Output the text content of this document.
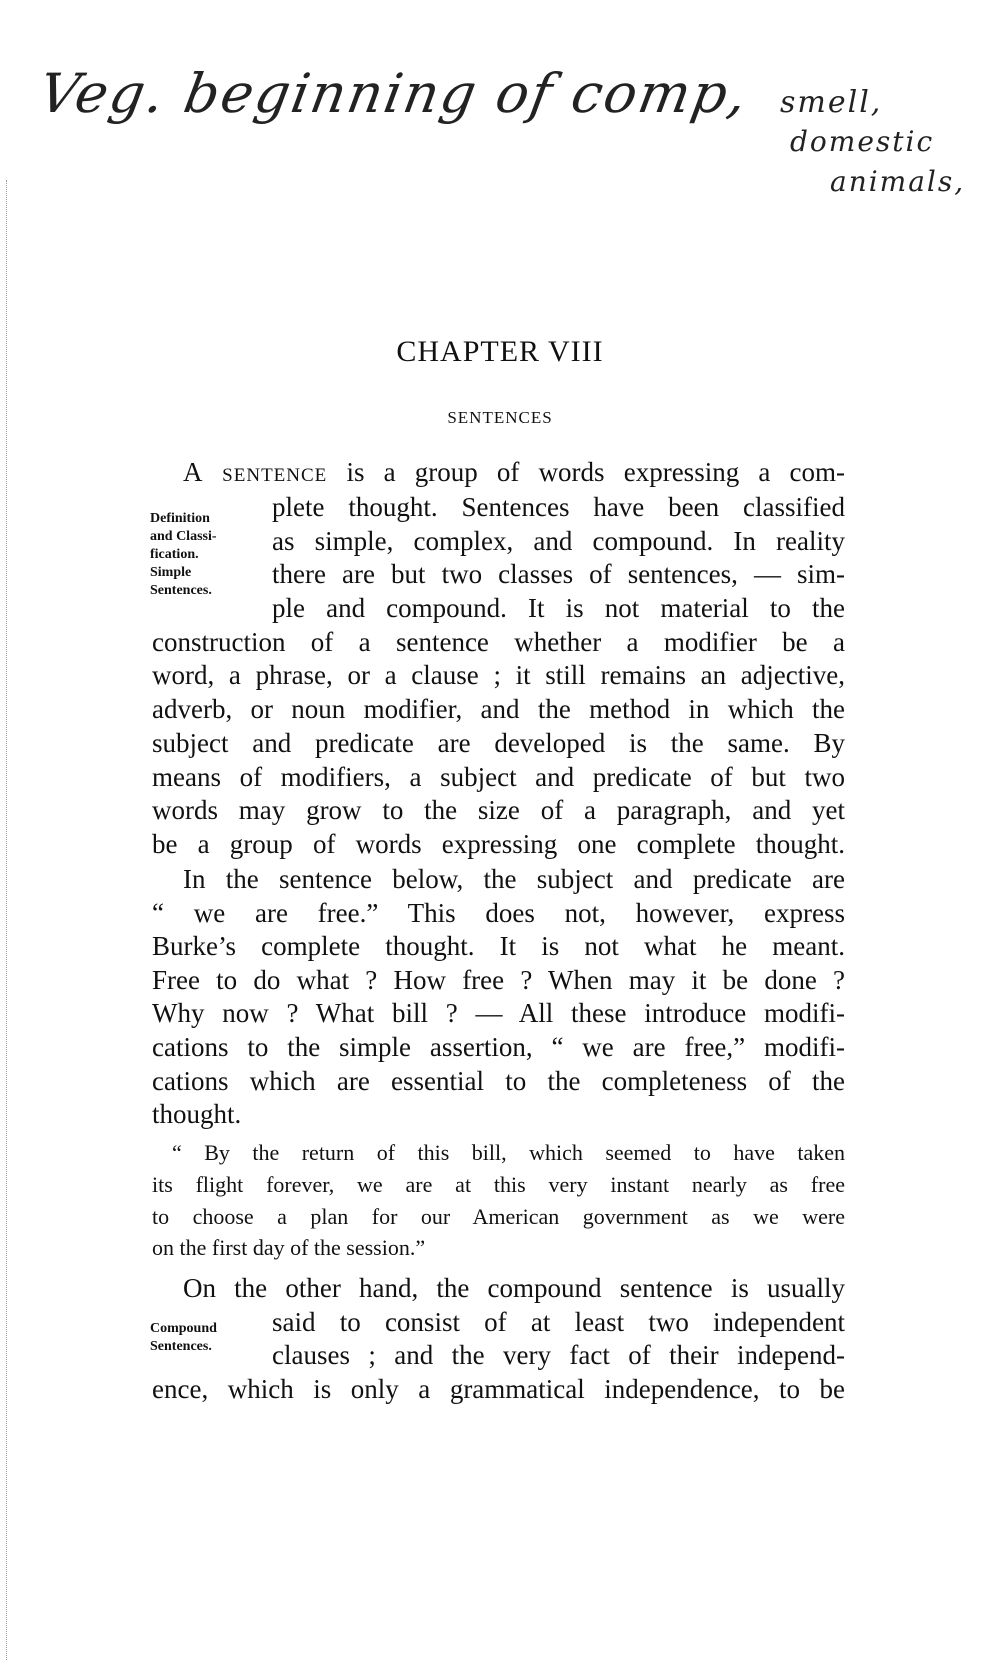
Veg. beginning of comp, smell,
domestic
animals,
CHAPTER VIII
SENTENCES
Definition
and Classi-
fication.
Simple
Sentences.
Compound
Sentences.
A sentence is a group of words expressing a com-
plete thought. Sentences have been classified
as simple, complex, and compound. In reality
there are but two classes of sentences, — sim-
ple and compound. It is not material to the
construction of a sentence whether a modifier be a
word, a phrase, or a clause ; it still remains an adjective,
adverb, or noun modifier, and the method in which the
subject and predicate are developed is the same. By
means of modifiers, a subject and predicate of but two
words may grow to the size of a paragraph, and yet
be a group of words expressing one complete thought.
In the sentence below, the subject and predicate are
“ we are free.” This does not, however, express
Burke’s complete thought. It is not what he meant.
Free to do what ? How free ? When may it be done ?
Why now ? What bill ? — All these introduce modifi-
cations to the simple assertion, “ we are free,” modifi-
cations which are essential to the completeness of the
thought.
“ By the return of this bill, which seemed to have taken
its flight forever, we are at this very instant nearly as free
to choose a plan for our American government as we were
on the first day of the session.”
On the other hand, the compound sentence is usually
said to consist of at least two independent
clauses ; and the very fact of their independ-
ence, which is only a grammatical independence, to be
